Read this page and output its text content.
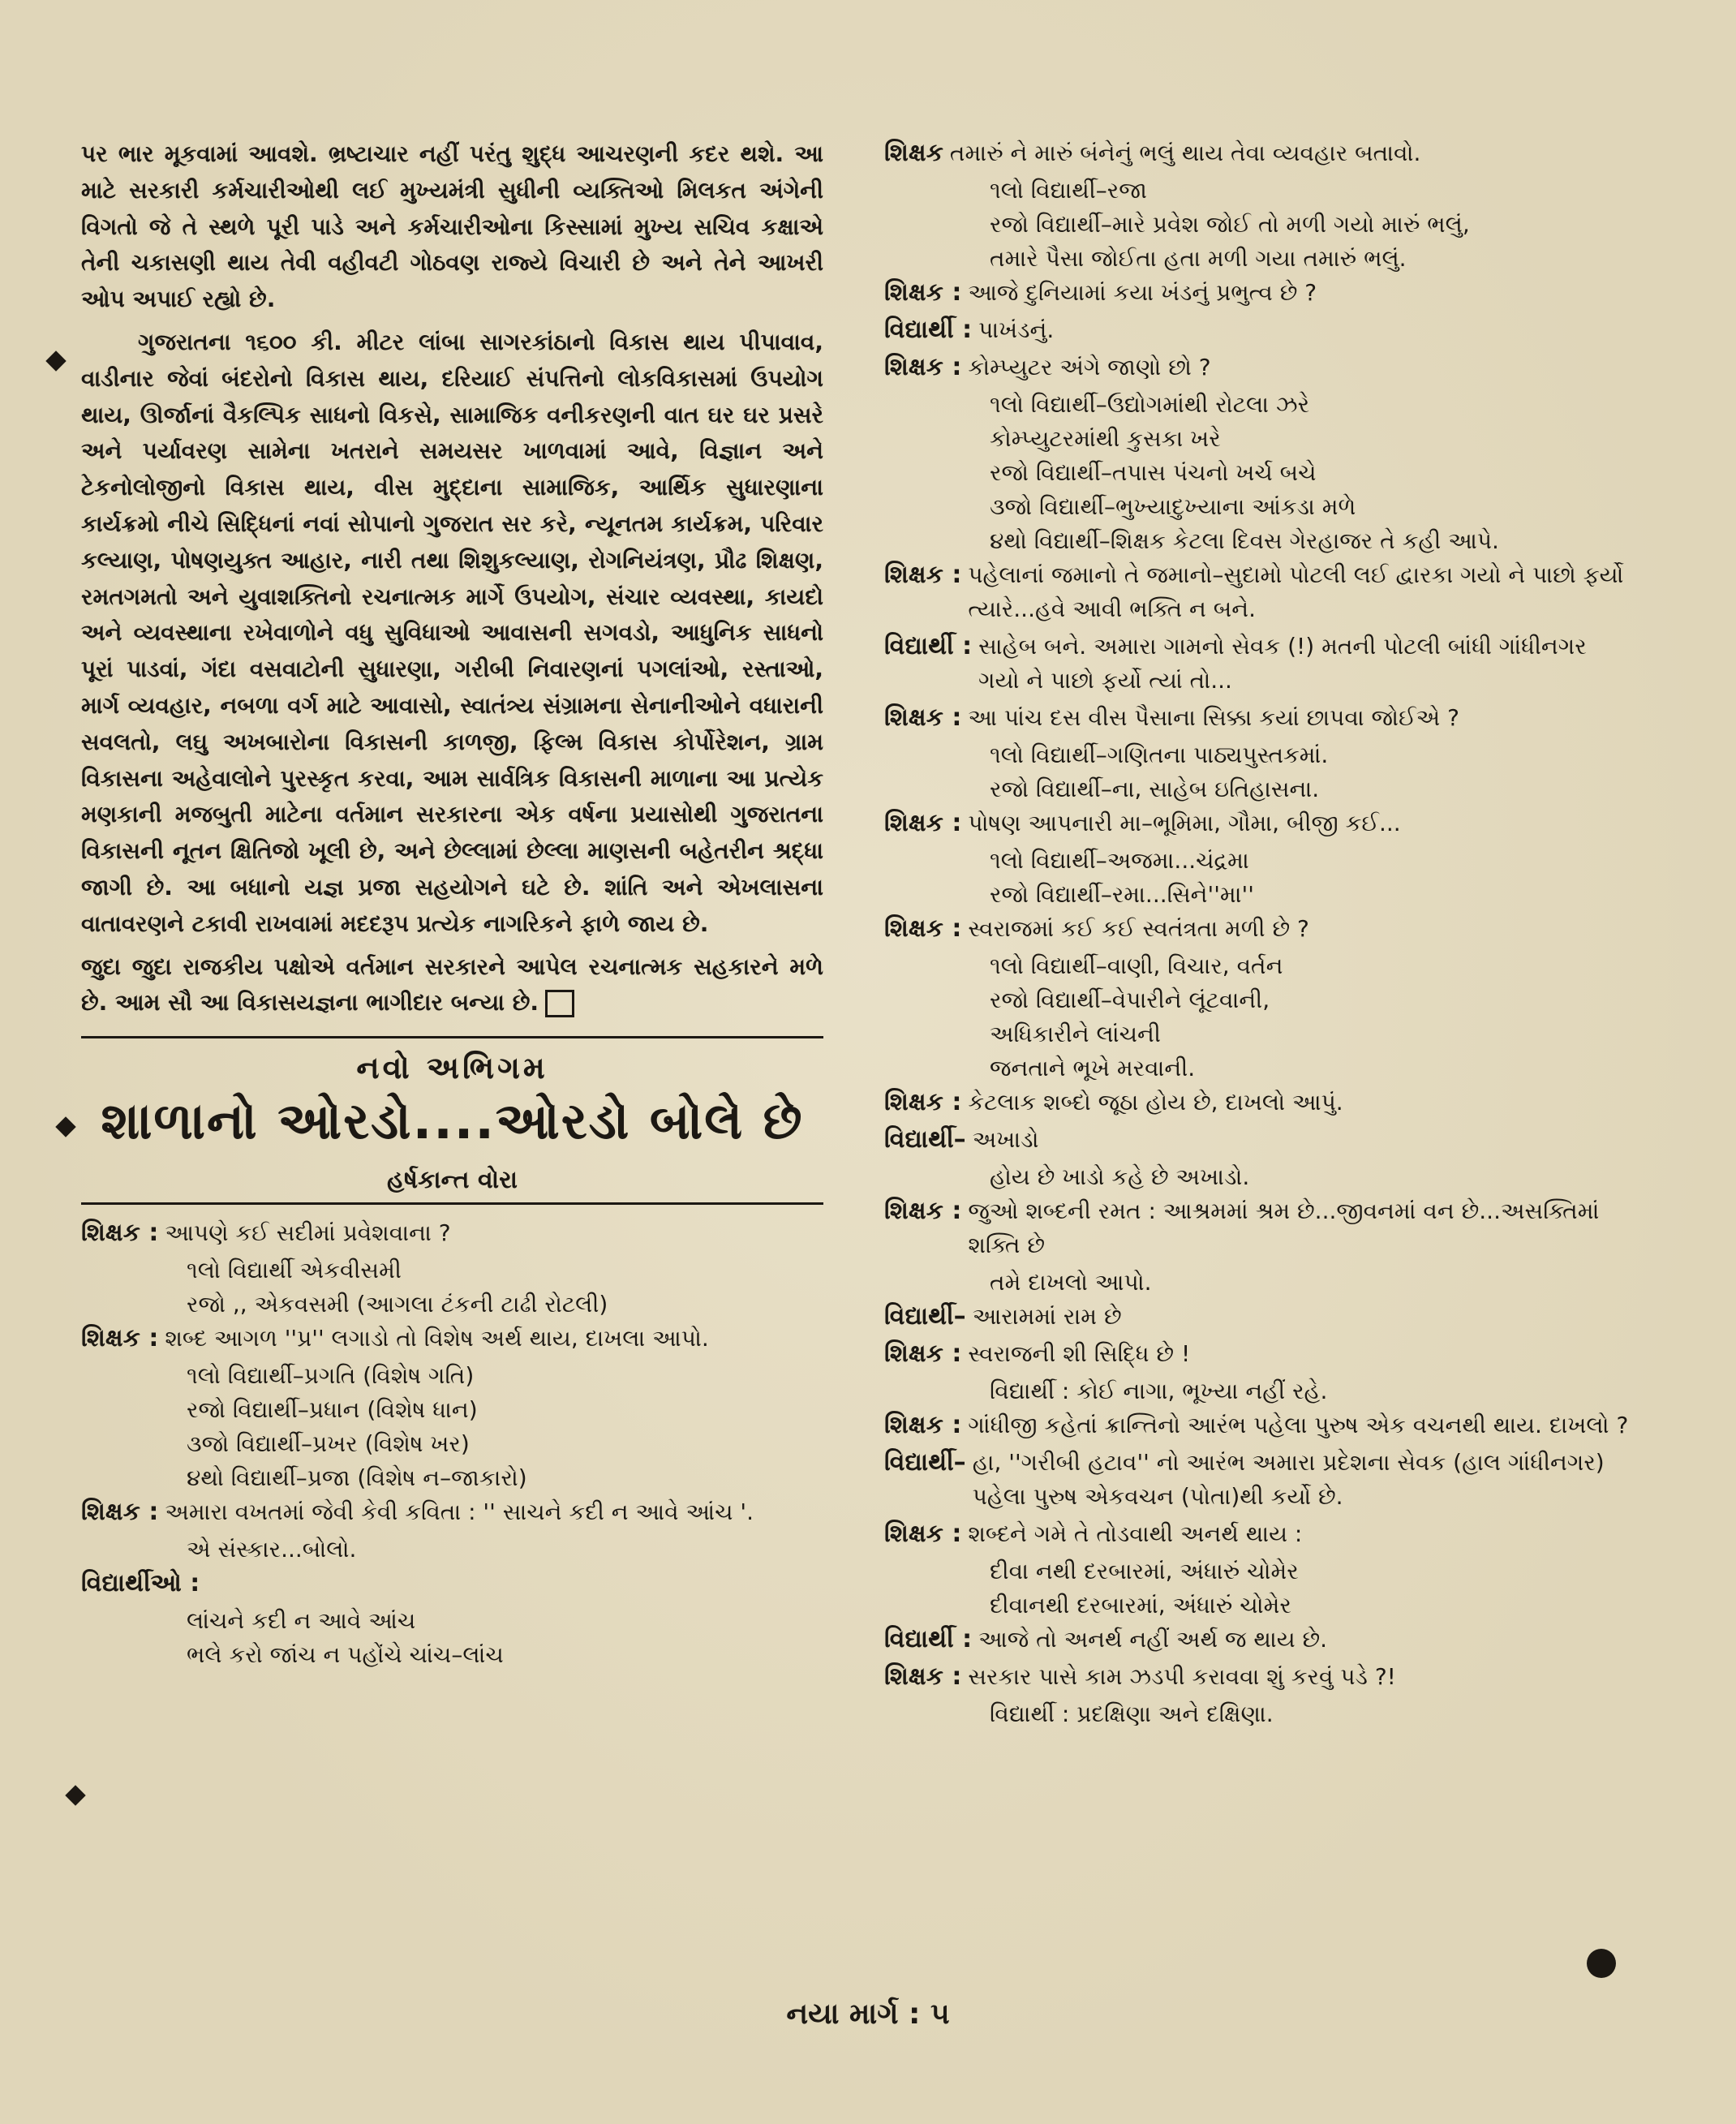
પર ભાર મૂકવામાં આવશે. ભ્રષ્ટાચાર નહીં પરંતુ શુદ્ધ આચરણની કદર થશે. આ માટે સરકારી કર્મચારીઓથી લઈ મુખ્યમંત્રી સુધીની વ્યક્તિઓ મિલકત અંગેની વિગતો જે તે સ્થળે પૂરી પાડે અને કર્મચારીઓના કિસ્સામાં મુખ્ય સચિવ કક્ષાએ તેની ચકાસણી થાય તેવી વહીવટી ગોઠવણ રાજ્યે વિચારી છે અને તેને આખરી ઓપ અપાઈ રહ્યો છે.

ગુજરાતના ૧૬૦૦ કી. મીટર લાંબા સાગરકાંઠાનો વિકાસ થાય પીપાવાવ, વાડીનાર જેવાં બંદરોનો વિકાસ થાય, દરિયાઈ સંપત્તિનો લોકવિકાસમાં ઉપયોગ થાય, ઊર્જાનાં વૈકલ્પિક સાધનો વિકસે, સામાજિક વનીકરણની વાત ઘર ઘર પ્રસરે અને પર્યાવરણ સામેના ખતરાને સમયસર ખાળવામાં આવે, વિજ્ઞાન અને ટેકનોલોજીનો વિકાસ થાય, વીસ મુદ્દાના સામાજિક, આર્થિક સુધારણાના કાર્યક્રમો નીચે સિદ્ધિનાં નવાં સોપાનો ગુજરાત સર કરે, ન્યૂનતમ કાર્યક્રમ, પરિવાર કલ્યાણ, પોષણયુક્ત આહાર, નારી તથા શિશુકલ્યાણ, રોગનિયંત્રણ, પ્રૌઢ શિક્ષણ, રમતગમતો અને યુવાશક્તિનો રચનાત્મક માર્ગે ઉપયોગ, સંચાર વ્યવસ્થા, કાયદો અને વ્યવસ્થાના રખેવાળોને વધુ સુવિધાઓ આવાસની સગવડો, આધુનિક સાધનો પૂરાં પાડવાં, ગંદા વસવાટોની સુધારણા, ગરીબી નિવારણનાં પગલાંઓ, રસ્તાઓ, માર્ગ વ્યવહાર, નબળા વર્ગ માટે આવાસો, સ્વાતંત્ર્ય સંગ્રામના સેનાનીઓને વધારાની સવલતો, લઘુ અખબારોના વિકાસની કાળજી, ફિલ્મ વિકાસ કોર્પોરેશન, ગ્રામ વિકાસના અહેવાલોને પુરસ્કૃત કરવા, આમ સાર્વત્રિક વિકાસની માળાના આ પ્રત્યેક મણકાની મજબુતી માટેના વર્તમાન સરકારના એક વર્ષના પ્રયાસોથી ગુજરાતના વિકાસની નૂતન ક્ષિતિજો ખૂલી છે, અને છેલ્લામાં છેલ્લા માણસની બહેતરીન શ્રદ્ધા જાગી છે. આ બધાનો યજ્ઞ પ્રજા સહયોગને ઘટે છે. શાંતિ અને એખલાસના વાતાવરણને ટકાવી રાખવામાં મદદરૂપ પ્રત્યેક નાગરિકને ફાળે જાય છે.

જુદા જુદા રાજકીય પક્ષોએ વર્તમાન સરકારને આપેલ રચનાત્મક સહકારને મળે છે. આમ સૌ આ વિકાસયજ્ઞના ભાગીદાર બન્યા છે.

નવો અભિગમ
શાળાનો ઓરડો....ઓરડો બોલે છે
હર્ષકાન્ત વોરા
શિક્ષક : આપણે કઈ સદીમાં પ્રવેશવાના ?
૧લો વિદ્યાર્થી એકવીસમી
રજો ,, એકવસમી (આગલા ટંકની ટાઢી રોટલી)
શિક્ષક : શબ્દ આગળ ''પ્ર'' લગાડો તો વિશેષ અર્થ થાય, દાખલા આપો.
૧લો વિદ્યાર્થી–પ્રગતિ (વિશેષ ગતિ)
રજો વિદ્યાર્થી–પ્રધાન (વિશેષ ધાન)
૩જો વિદ્યાર્થી–પ્રખર (વિશેષ ખર)
૪થો વિદ્યાર્થી–પ્રજા (વિશેષ ન–જાકારો)
શિક્ષક : અમારા વખતમાં જેવી કેવી કવિતા : '' સાચને કદી ન આવે આંચ '.
એ સંસ્કાર...બોલો.
વિદ્યાર્થીઓ :
લાંચને કદી ન આવે આંચ
ભલે કરો જાંચ ન પહોંચે ચાંચ–લાંચ
શિક્ષક તમારું ને મારું બંનેનું ભલું થાય તેવા વ્યવહાર બતાવો.
૧લો વિદ્યાર્થી–રજા
રજો વિદ્યાર્થી–મારે પ્રવેશ જોઈ તો મળી ગયો મારું ભલું,
તમારે પૈસા જોઈતા હતા મળી ગયા તમારું ભલું.
શિક્ષક : આજે દુનિયામાં કયા ખંડનું પ્રભુત્વ છે ?
વિદ્યાર્થી : પાખંડનું.
શિક્ષક : કોમ્પ્યુટર અંગે જાણો છો ?
૧લો વિદ્યાર્થી–ઉદ્યોગમાંથી રોટલા ઝરે
કોમ્પ્યુટરમાંથી કુસકા ખરે
રજો વિદ્યાર્થી–તપાસ પંચનો ખર્ચ બચે
૩જો વિદ્યાર્થી–ભુખ્યાદુખ્યાના આંકડા મળે
૪થો વિદ્યાર્થી–શિક્ષક કેટલા દિવસ ગેરહાજર તે કહી આપે.
શિક્ષક : પહેલાનાં જમાનો તે જમાનો–સુદામો પોટલી લઈ દ્વારકા ગયો ને પાછો ફર્યો ત્યારે...હવે આવી ભક્તિ ન બને.
વિદ્યાર્થી : સાહેબ બને. અમારા ગામનો સેવક (!) મતની પોટલી બાંધી ગાંધીનગર ગયો ને પાછો ફર્યો ત્યાં તો...
શિક્ષક : આ પાંચ દસ વીસ પૈસાના સિક્કા કયાં છાપવા જોઈએ ?
૧લો વિદ્યાર્થી–ગણિતના પાઠ્યપુસ્તકમાં.
રજો વિદ્યાર્થી–ના, સાહેબ ઇતિહાસના.
શિક્ષક : પોષણ આપનારી મા–ભૂમિમા, ગૌમા, બીજી કઈ...
૧લો વિદ્યાર્થી–અજમા...ચંદ્રમા
રજો વિદ્યાર્થી–રમા...સિને''મા''
શિક્ષક : સ્વરાજમાં કઈ કઈ સ્વતંત્રતા મળી છે ?
૧લો વિદ્યાર્થી–વાણી, વિચાર, વર્તન
રજો વિદ્યાર્થી–વેપારીને લૂંટવાની,
અધિકારીને લાંચની
જનતાને ભૂખે મરવાની.
શિક્ષક : કેટલાક શબ્દો જૂઠા હોય છે, દાખલો આપું.
વિદ્યાર્થી– અખાડો
હોય છે ખાડો કહે છે અખાડો.
શિક્ષક : જુઓ શબ્દની રમત : આશ્રમમાં શ્રમ છે...જીવનમાં વન છે...અસક્તિમાં શક્તિ છે
તમે દાખલો આપો.
વિદ્યાર્થી– આરામમાં રામ છે
શિક્ષક : સ્વરાજની શી સિદ્ધિ છે !
વિદ્યાર્થી : કોઈ નાગા, ભૂખ્યા નહીં રહે.
શિક્ષક : ગાંધીજી કહેતાં ક્રાન્તિનો આરંભ પહેલા પુરુષ એક વચનથી થાય. દાખલો ?
વિદ્યાર્થી– હા, ''ગરીબી હટાવ'' નો આરંભ અમારા પ્રદેશના સેવક (હાલ ગાંધીનગર) પહેલા પુરુષ એકવચન (પોતા)થી કર્યો છે.
શિક્ષક : શબ્દને ગમે તે તોડવાથી અનર્થ થાય :
દીવા નથી દરબારમાં, અંધારું ચોમેર
દીવાનથી દરબારમાં, અંધારું ચોમેર
વિદ્યાર્થી : આજે તો અનર્થ નહીં અર્થ જ થાય છે.
શિક્ષક : સરકાર પાસે કામ ઝડપી કરાવવા શું કરવું પડે ?!
વિદ્યાર્થી : પ્રદક્ષિણા અને દક્ષિણા.
નયા માર્ગ : ૫
